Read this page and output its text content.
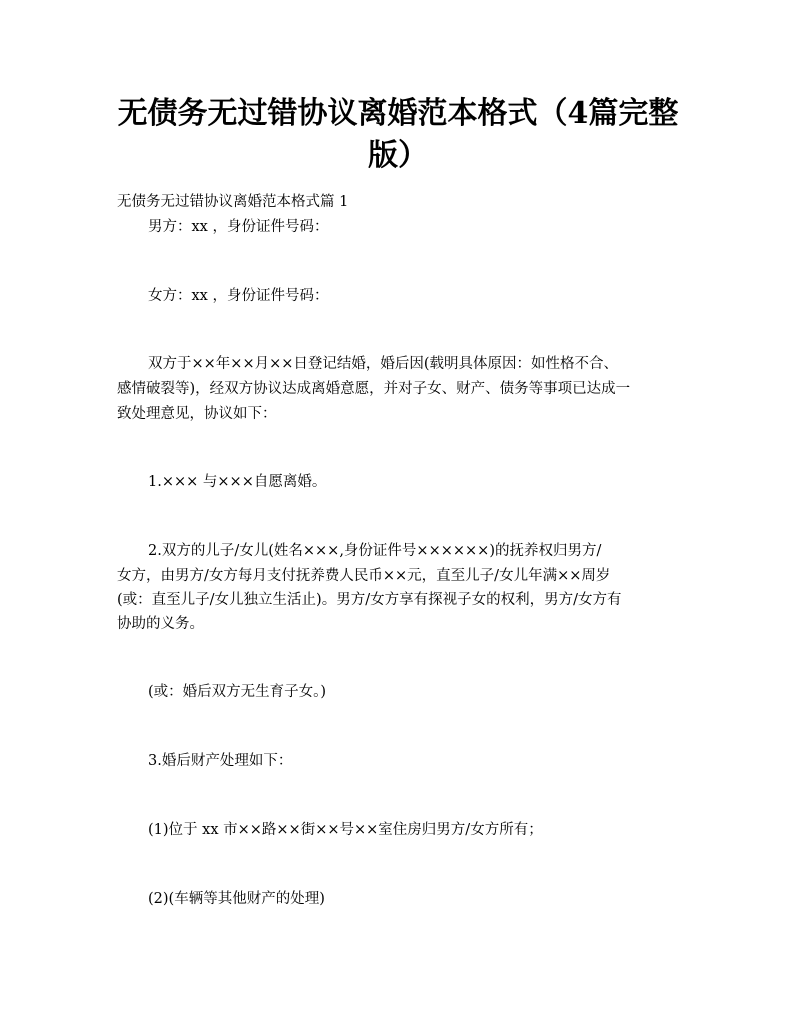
无债务无过错协议离婚范本格式（4篇完整
版）
无债务无过错协议离婚范本格式篇 1
男方：xx ，身份证件号码：
女方：xx ，身份证件号码：
双方于××年××月××日登记结婚，婚后因(载明具体原因：如性格不合、
感情破裂等)，经双方协议达成离婚意愿，并对子女、财产、债务等事项已达成一
致处理意见，协议如下：
1.××× 与×××自愿离婚。
2.双方的儿子/女儿(姓名×××,身份证件号××××××)的抚养权归男方/
女方，由男方/女方每月支付抚养费人民币××元，直至儿子/女儿年满××周岁
(或：直至儿子/女儿独立生活止)。男方/女方享有探视子女的权利，男方/女方有
协助的义务。
(或：婚后双方无生育子女。)
3.婚后财产处理如下：
(1)位于 xx 市××路××街××号××室住房归男方/女方所有；
(2)(车辆等其他财产的处理)
